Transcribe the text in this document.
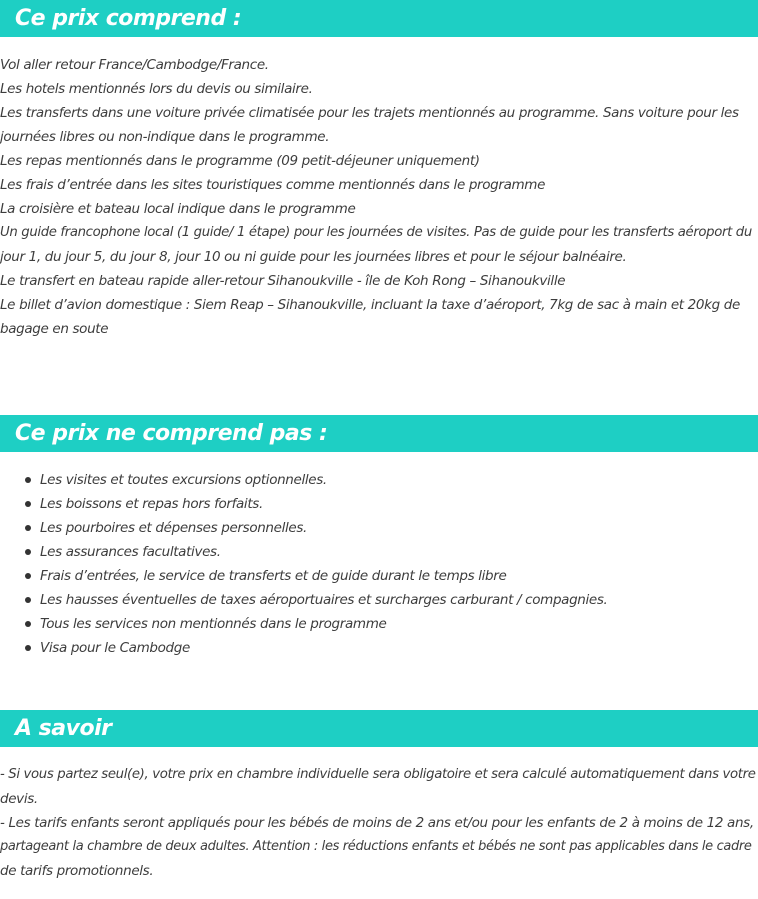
Ce prix comprend :
Vol aller retour France/Cambodge/France.
Les hotels mentionnés lors du devis ou similaire.
Les transferts dans une voiture privée climatisée pour les trajets mentionnés au programme. Sans voiture pour les
journées libres ou non-indique dans le programme.
Les repas mentionnés dans le programme (09 petit-déjeuner uniquement)
Les frais d’entrée dans les sites touristiques comme mentionnés dans le programme
La croisière et bateau local indique dans le programme
Un guide francophone local (1 guide/ 1 étape) pour les journées de visites. Pas de guide pour les transferts aéroport du
jour 1, du jour 5, du jour 8, jour 10 ou ni guide pour les journées libres et pour le séjour balnéaire.
Le transfert en bateau rapide aller-retour Sihanoukville - île de Koh Rong – Sihanoukville
Le billet d’avion domestique : Siem Reap – Sihanoukville, incluant la taxe d’aéroport, 7kg de sac à main et 20kg de
bagage en soute
Ce prix ne comprend pas :
Les visites et toutes excursions optionnelles.
Les boissons et repas hors forfaits.
Les pourboires et dépenses personnelles.
Les assurances facultatives.
Frais d’entrées, le service de transferts et de guide durant le temps libre
Les hausses éventuelles de taxes aéroportuaires et surcharges carburant / compagnies.
Tous les services non mentionnés dans le programme
Visa pour le Cambodge
A savoir
- Si vous partez seul(e), votre prix en chambre individuelle sera obligatoire et sera calculé automatiquement dans votre
devis.
- Les tarifs enfants seront appliqués pour les bébés de moins de 2 ans et/ou pour les enfants de 2 à moins de 12 ans,
partageant la chambre de deux adultes. Attention : les réductions enfants et bébés ne sont pas applicables dans le cadre
de tarifs promotionnels.
